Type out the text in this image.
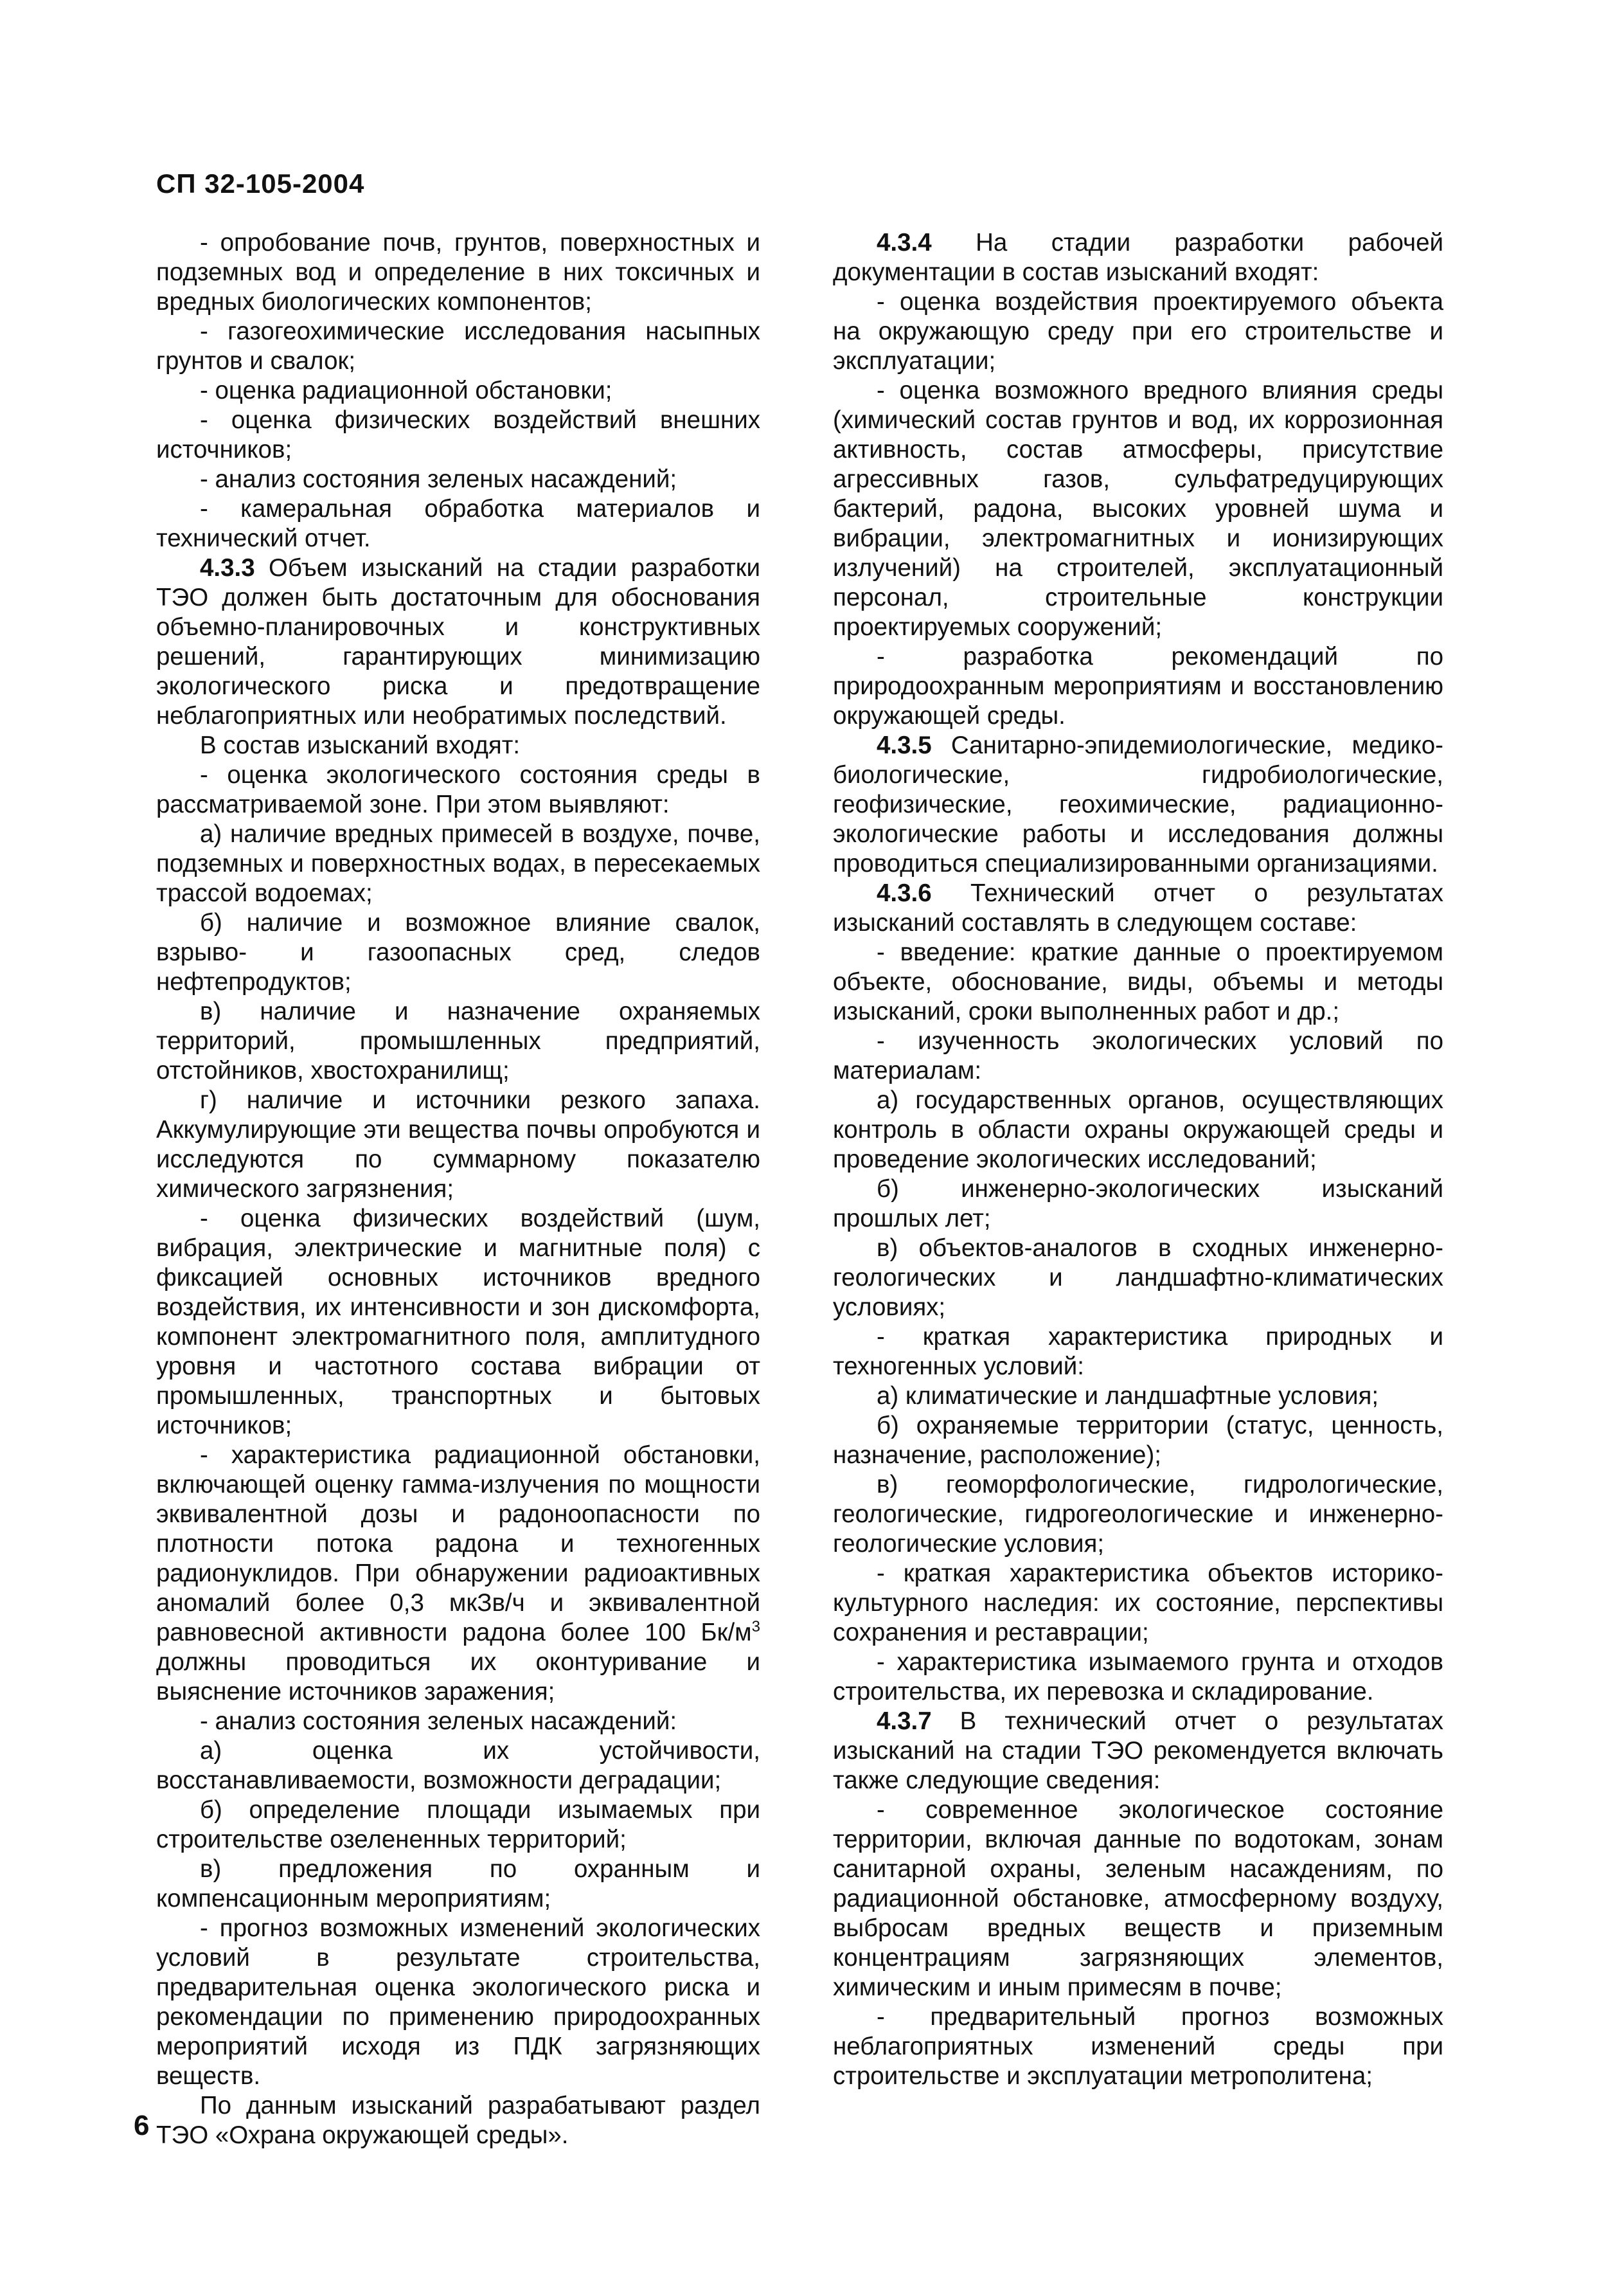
СП 32-105-2004

- опробование почв, грунтов, поверхностных и подземных вод и определение в них токсичных и вредных биологических компонентов;

- газогеохимические исследования насыпных грунтов и свалок;

- оценка радиационной обстановки;

- оценка физических воздействий внешних источников;

- анализ состояния зеленых насаждений;

- камеральная обработка материалов и технический отчет.

4.3.3 Объем изысканий на стадии разработки ТЭО должен быть достаточным для обоснования объемно-планировочных и конструктивных решений, гарантирующих минимизацию экологического риска и предотвращение неблагоприятных или необратимых последствий.

В состав изысканий входят:

- оценка экологического состояния среды в рассматриваемой зоне. При этом выявляют:

а) наличие вредных примесей в воздухе, почве, подземных и поверхностных водах, в пересекаемых трассой водоемах;

б) наличие и возможное влияние свалок, взрыво- и газоопасных сред, следов нефтепродуктов;

в) наличие и назначение охраняемых территорий, промышленных предприятий, отстойников, хвостохранилищ;

г) наличие и источники резкого запаха. Аккумулирующие эти вещества почвы опробуются и исследуются по суммарному показателю химического загрязнения;

- оценка физических воздействий (шум, вибрация, электрические и магнитные поля) с фиксацией основных источников вредного воздействия, их интенсивности и зон дискомфорта, компонент электромагнитного поля, амплитудного уровня и частотного состава вибрации от промышленных, транспортных и бытовых источников;

- характеристика радиационной обстановки, включающей оценку гамма-излучения по мощности эквивалентной дозы и радоноопасности по плотности потока радона и техногенных радионуклидов. При обнаружении радиоактивных аномалий более 0,3 мкЗв/ч и эквивалентной равновесной активности радона более 100 $Бк/м^3$ должны проводиться их оконтуривание и выяснение источников заражения;

- анализ состояния зеленых насаждений:

а) оценка их устойчивости, восстанавливаемости, возможности деградации;

б) определение площади изымаемых при строительстве озелененных территорий;

в) предложения по охранным и компенсационным мероприятиям;

- прогноз возможных изменений экологических условий в результате строительства, предварительная оценка экологического риска и рекомендации по применению природоохранных мероприятий исходя из ПДК загрязняющих веществ.

По данным изысканий разрабатывают раздел ТЭО «Охрана окружающей среды».

4.3.4 На стадии разработки рабочей документации в состав изысканий входят:

- оценка воздействия проектируемого объекта на окружающую среду при его строительстве и эксплуатации;

- оценка возможного вредного влияния среды (химический состав грунтов и вод, их коррозионная активность, состав атмосферы, присутствие агрессивных газов, сульфатредуцирующих бактерий, радона, высоких уровней шума и вибрации, электромагнитных и ионизирующих излучений) на строителей, эксплуатационный персонал, строительные конструкции проектируемых сооружений;

- разработка рекомендаций по природоохранным мероприятиям и восстановлению окружающей среды.

4.3.5 Санитарно-эпидемиологические, медико-биологические, гидробиологические, геофизические, геохимические, радиационно-экологические работы и исследования должны проводиться специализированными организациями.

4.3.6 Технический отчет о результатах изысканий составлять в следующем составе:

- введение: краткие данные о проектируемом объекте, обоснование, виды, объемы и методы изысканий, сроки выполненных работ и др.;

- изученность экологических условий по материалам:

а) государственных органов, осуществляющих контроль в области охраны окружающей среды и проведение экологических исследований;

б) инженерно-экологических изысканий прошлых лет;

в) объектов-аналогов в сходных инженерно-геологических и ландшафтно-климатических условиях;

- краткая характеристика природных и техногенных условий:

а) климатические и ландшафтные условия;

б) охраняемые территории (статус, ценность, назначение, расположение);

в) геоморфологические, гидрологические, геологические, гидрогеологические и инженерно-геологические условия;

- краткая характеристика объектов историко-культурного наследия: их состояние, перспективы сохранения и реставрации;

- характеристика изымаемого грунта и отходов строительства, их перевозка и складирование.

4.3.7 В технический отчет о результатах изысканий на стадии ТЭО рекомендуется включать также следующие сведения:

- современное экологическое состояние территории, включая данные по водотокам, зонам санитарной охраны, зеленым насаждениям, по радиационной обстановке, атмосферному воздуху, выбросам вредных веществ и приземным концентрациям загрязняющих элементов, химическим и иным примесям в почве;

- предварительный прогноз возможных неблагоприятных изменений среды при строительстве и эксплуатации метрополитена;

6
